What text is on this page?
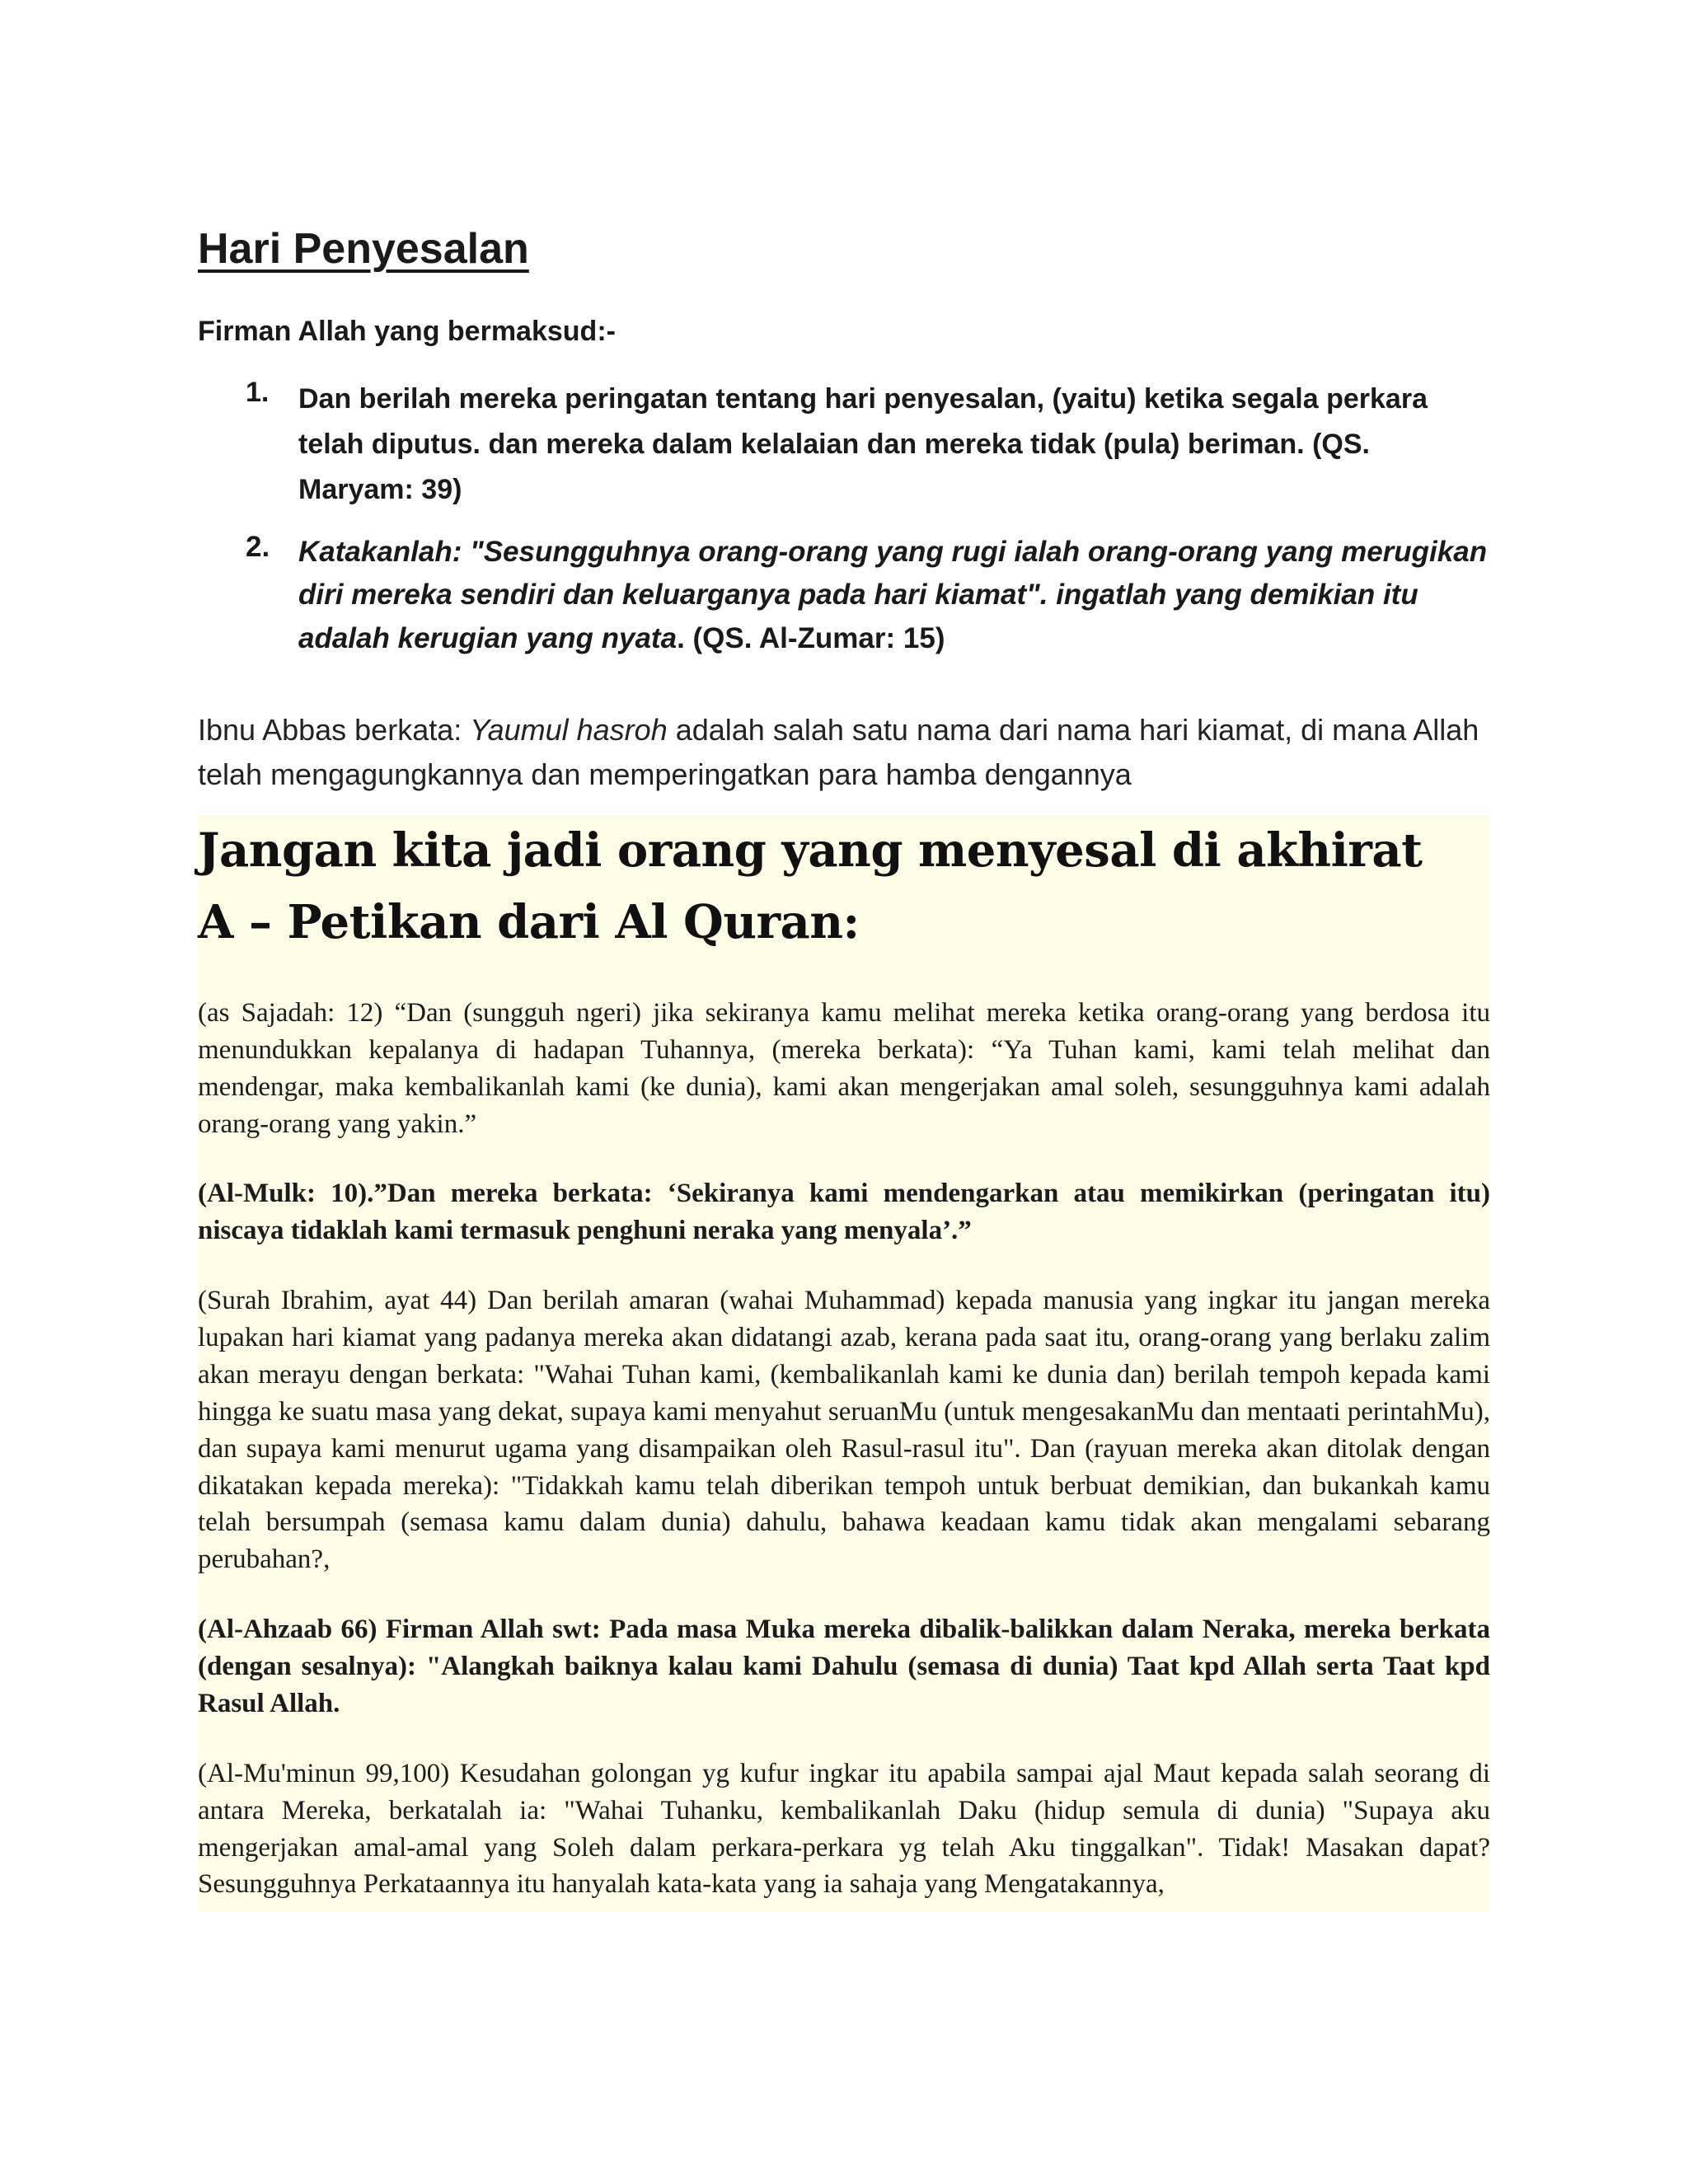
Hari Penyesalan

Firman Allah yang bermaksud:-

1. Dan berilah mereka peringatan tentang hari penyesalan, (yaitu) ketika segala perkara telah diputus. dan mereka dalam kelalaian dan mereka tidak (pula) beriman. (QS. Maryam: 39)
2. Katakanlah: "Sesungguhnya orang-orang yang rugi ialah orang-orang yang merugikan diri mereka sendiri dan keluarganya pada hari kiamat". ingatlah yang demikian itu adalah kerugian yang nyata. (QS. Al-Zumar: 15)

Ibnu Abbas berkata: Yaumul hasroh adalah salah satu nama dari nama hari kiamat, di mana Allah telah mengagungkannya dan memperingatkan para hamba dengannya

Jangan kita jadi orang yang menyesal di akhirat
A – Petikan dari Al Quran:

(as Sajadah: 12) “Dan (sungguh ngeri) jika sekiranya kamu melihat mereka ketika orang-orang yang berdosa itu menundukkan kepalanya di hadapan Tuhannya, (mereka berkata): “Ya Tuhan kami, kami telah melihat dan mendengar, maka kembalikanlah kami (ke dunia), kami akan mengerjakan amal soleh, sesungguhnya kami adalah orang-orang yang yakin.”

(Al-Mulk: 10).”Dan mereka berkata: ‘Sekiranya kami mendengarkan atau memikirkan (peringatan itu) niscaya tidaklah kami termasuk penghuni neraka yang menyala’.”

(Surah Ibrahim, ayat 44) Dan berilah amaran (wahai Muhammad) kepada manusia yang ingkar itu jangan mereka lupakan hari kiamat yang padanya mereka akan didatangi azab, kerana pada saat itu, orang-orang yang berlaku zalim akan merayu dengan berkata: "Wahai Tuhan kami, (kembalikanlah kami ke dunia dan) berilah tempoh kepada kami hingga ke suatu masa yang dekat, supaya kami menyahut seruanMu (untuk mengesakanMu dan mentaati perintahMu), dan supaya kami menurut ugama yang disampaikan oleh Rasul-rasul itu". Dan (rayuan mereka akan ditolak dengan dikatakan kepada mereka): "Tidakkah kamu telah diberikan tempoh untuk berbuat demikian, dan bukankah kamu telah bersumpah (semasa kamu dalam dunia) dahulu, bahawa keadaan kamu tidak akan mengalami sebarang perubahan?,

(Al-Ahzaab 66) Firman Allah swt: Pada masa Muka mereka dibalik-balikkan dalam Neraka, mereka berkata (dengan sesalnya): "Alangkah baiknya kalau kami Dahulu (semasa di dunia) Taat kpd Allah serta Taat kpd Rasul Allah.

(Al-Mu'minun 99,100) Kesudahan golongan yg kufur ingkar itu apabila sampai ajal Maut kepada salah seorang di antara Mereka, berkatalah ia: "Wahai Tuhanku, kembalikanlah Daku (hidup semula di dunia) "Supaya aku mengerjakan amal-amal yang Soleh dalam perkara-perkara yg telah Aku tinggalkan". Tidak! Masakan dapat? Sesungguhnya Perkataannya itu hanyalah kata-kata yang ia sahaja yang Mengatakannya,
